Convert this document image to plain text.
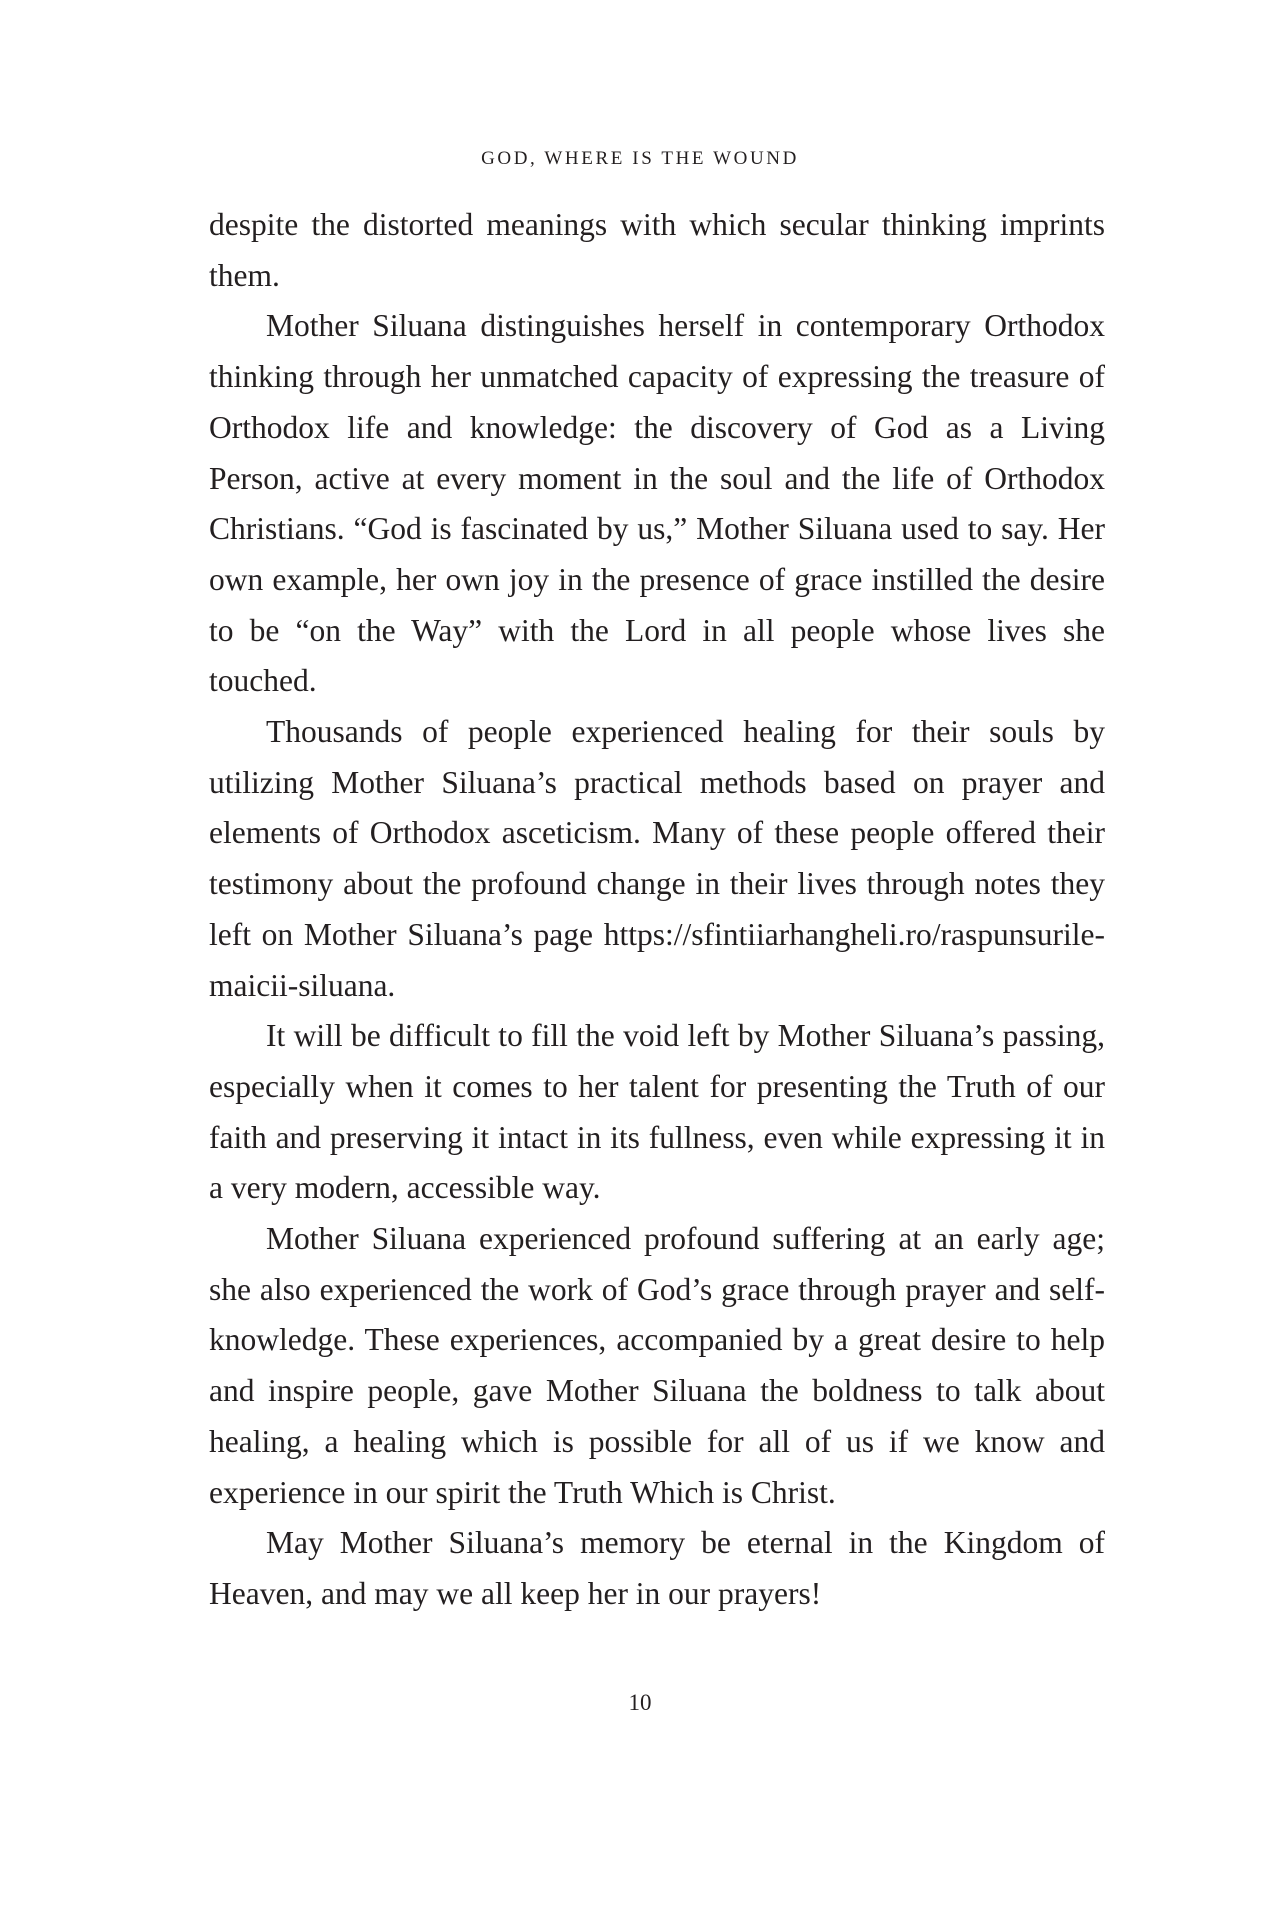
GOD, WHERE IS THE WOUND

despite the distorted meanings with which secular thinking imprints them.

Mother Siluana distinguishes herself in contemporary Orthodox thinking through her unmatched capacity of expressing the treasure of Orthodox life and knowledge: the discovery of God as a Living Person, active at every moment in the soul and the life of Orthodox Christians. “God is fascinated by us,” Mother Siluana used to say. Her own example, her own joy in the presence of grace instilled the desire to be “on the Way” with the Lord in all people whose lives she touched.

Thousands of people experienced healing for their souls by utilizing Mother Siluana’s practical methods based on prayer and elements of Orthodox asceticism. Many of these people offered their testimony about the profound change in their lives through notes they left on Mother Siluana’s page https://sfintiiarhangheli.ro/raspunsurile-maicii-siluana.

It will be difficult to fill the void left by Mother Siluana’s passing, especially when it comes to her talent for presenting the Truth of our faith and preserving it intact in its fullness, even while expressing it in a very modern, accessible way.

Mother Siluana experienced profound suffering at an early age; she also experienced the work of God’s grace through prayer and self-knowledge. These experiences, accompanied by a great desire to help and inspire people, gave Mother Siluana the boldness to talk about healing, a healing which is possible for all of us if we know and experience in our spirit the Truth Which is Christ.

May Mother Siluana’s memory be eternal in the Kingdom of Heaven, and may we all keep her in our prayers!

10
